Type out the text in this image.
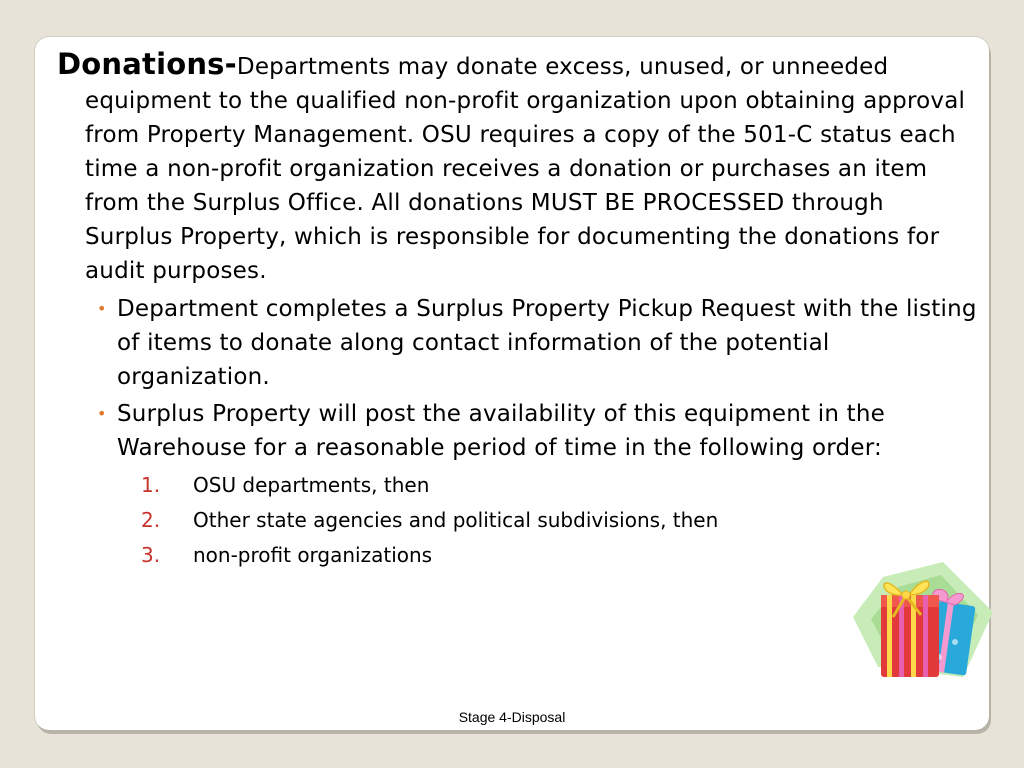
Donations-Departments may donate excess, unused, or unneeded equipment to the qualified non-profit organization upon obtaining approval from Property Management. OSU requires a copy of the 501-C status each time a non-profit organization receives a donation or purchases an item from the Surplus Office. All donations MUST BE PROCESSED through Surplus Property, which is responsible for documenting the donations for audit purposes.

• Department completes a Surplus Property Pickup Request with the listing of items to donate along contact information of the potential organization.
• Surplus Property will post the availability of this equipment in the Warehouse for a reasonable period of time in the following order:
1. OSU departments, then
2. Other state agencies and political subdivisions, then
3. non-profit organizations
Stage 4-Disposal
